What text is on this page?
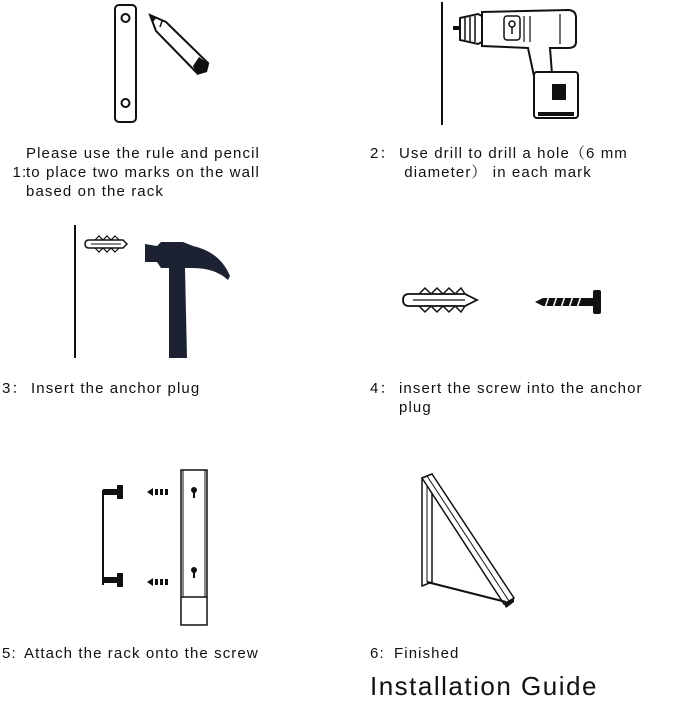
1:

Please use the rule and pencil
to place two marks on the wall
based on the rack
2： Use drill to drill a hole（6 mm
diameter） in each mark
3： Insert the anchor plug	4： insert the screw into the anchor
plug
5: Attach the rack onto the screw	6: Finished
Installation Guide
